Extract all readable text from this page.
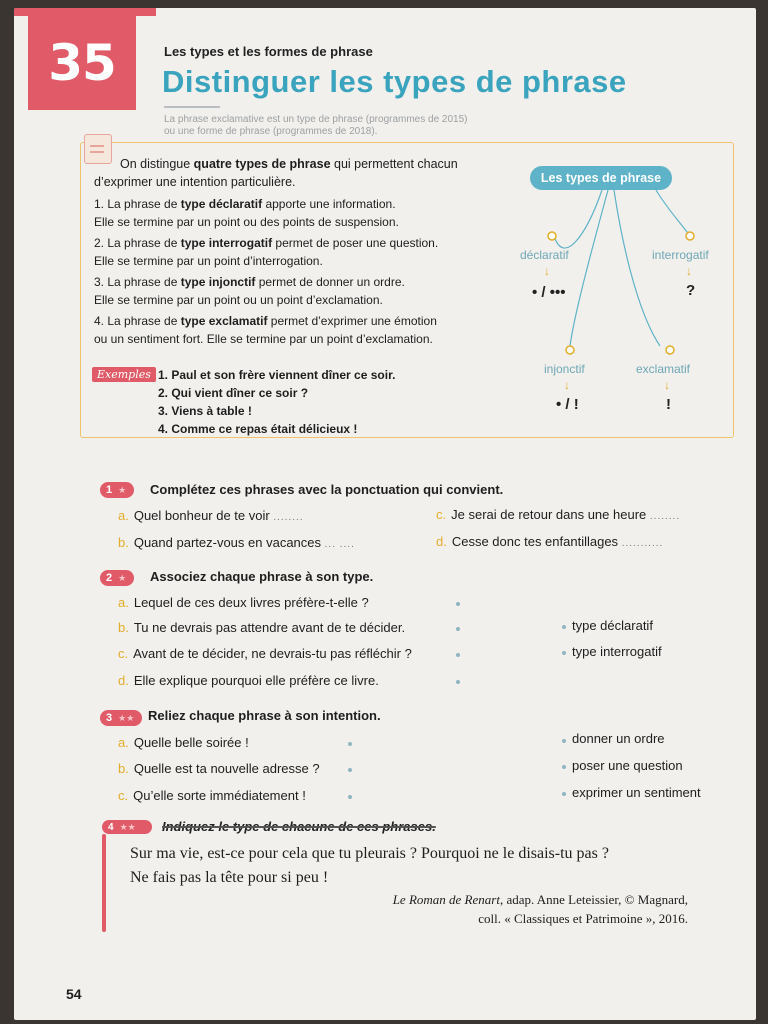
35	Les types et les formes de phrase
Distinguer les types de phrase
La phrase exclamative est un type de phrase (programmes de 2015)
ou une forme de phrase (programmes de 2018).

On distingue quatre types de phrase qui permettent chacun d’exprimer une intention particulière.

1. La phrase de type déclaratif apporte une information.
Elle se termine par un point ou des points de suspension.

2. La phrase de type interrogatif permet de poser une question.
Elle se termine par un point d’interrogation.

3. La phrase de type injonctif permet de donner un ordre.
Elle se termine par un point ou un point d’exclamation.

4. La phrase de type exclamatif permet d’exprimer une émotion
ou un sentiment fort. Elle se termine par un point d’exclamation.

Exemples 1. Paul et son frère viennent dîner ce soir.
2. Qui vient dîner ce soir ?
3. Viens à table !
4. Comme ce repas était délicieux !
Les types de phrase
déclaratif
↓
• / •••
interrogatif
↓
?
injonctif
↓
• / !
exclamatif
↓
!
1 ★ Complétez ces phrases avec la ponctuation qui convient.
a. Quel bonheur de te voir ........
b. Quand partez-vous en vacances ... ....
c. Je serai de retour dans une heure ........
d. Cesse donc tes enfantillages ...........
2 ★ Associez chaque phrase à son type.
a. Lequel de ces deux livres préfère-t-elle ?
b. Tu ne devrais pas attendre avant de te décider.
c. Avant de te décider, ne devrais-tu pas réfléchir ?
d. Elle explique pourquoi elle préfère ce livre.
type déclaratif
type interrogatif
3 ★★ Reliez chaque phrase à son intention.
a. Quelle belle soirée !
b. Quelle est ta nouvelle adresse ?
c. Qu’elle sorte immédiatement !
donner un ordre
poser une question
exprimer un sentiment
4 ★★ Indiquez le type de chacune de ces phrases.
Sur ma vie, est-ce pour cela que tu pleurais ? Pourquoi ne le disais-tu pas ?
Ne fais pas la tête pour si peu !
Le Roman de Renart, adap. Anne Leteissier, © Magnard,
coll. « Classiques et Patrimoine », 2016.
54
